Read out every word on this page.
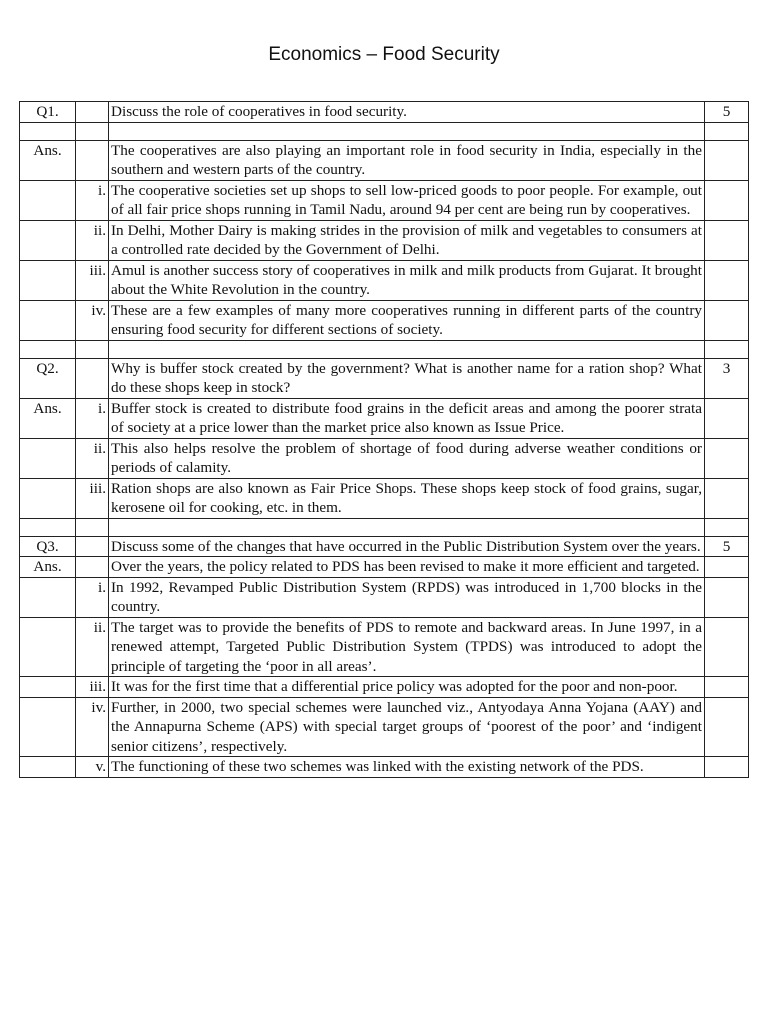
Economics – Food Security
Q1.		Discuss the role of cooperatives in food security.	5

Ans.		The cooperatives are also playing an important role in food security in India, especially in the southern and western parts of the country.	
	i.	The cooperative societies set up shops to sell low-priced goods to poor people. For example, out of all fair price shops running in Tamil Nadu, around 94 per cent are being run by cooperatives.	
	ii.	In Delhi, Mother Dairy is making strides in the provision of milk and vegetables to consumers at a controlled rate decided by the Government of Delhi.	
	iii.	Amul is another success story of cooperatives in milk and milk products from Gujarat. It brought about the White Revolution in the country.	
	iv.	These are a few examples of many more cooperatives running in different parts of the country ensuring food security for different sections of society.	

Q2.		Why is buffer stock created by the government? What is another name for a ration shop? What do these shops keep in stock?	3
Ans.	i.	Buffer stock is created to distribute food grains in the deficit areas and among the poorer strata of society at a price lower than the market price also known as Issue Price.	
	ii.	This also helps resolve the problem of shortage of food during adverse weather conditions or periods of calamity.	
	iii.	Ration shops are also known as Fair Price Shops. These shops keep stock of food grains, sugar, kerosene oil for cooking, etc. in them.	

Q3.		Discuss some of the changes that have occurred in the Public Distribution System over the years.	5
Ans.		Over the years, the policy related to PDS has been revised to make it more efficient and targeted.	
	i.	In 1992, Revamped Public Distribution System (RPDS) was introduced in 1,700 blocks in the country.	
	ii.	The target was to provide the benefits of PDS to remote and backward areas. In June 1997, in a renewed attempt, Targeted Public Distribution System (TPDS) was introduced to adopt the principle of targeting the ‘poor in all areas’.	
	iii.	It was for the first time that a differential price policy was adopted for the poor and non-poor.	
	iv.	Further, in 2000, two special schemes were launched viz., Antyodaya Anna Yojana (AAY) and the Annapurna Scheme (APS) with special target groups of ‘poorest of the poor’ and ‘indigent senior citizens’, respectively.	
	v.	The functioning of these two schemes was linked with the existing network of the PDS.	
